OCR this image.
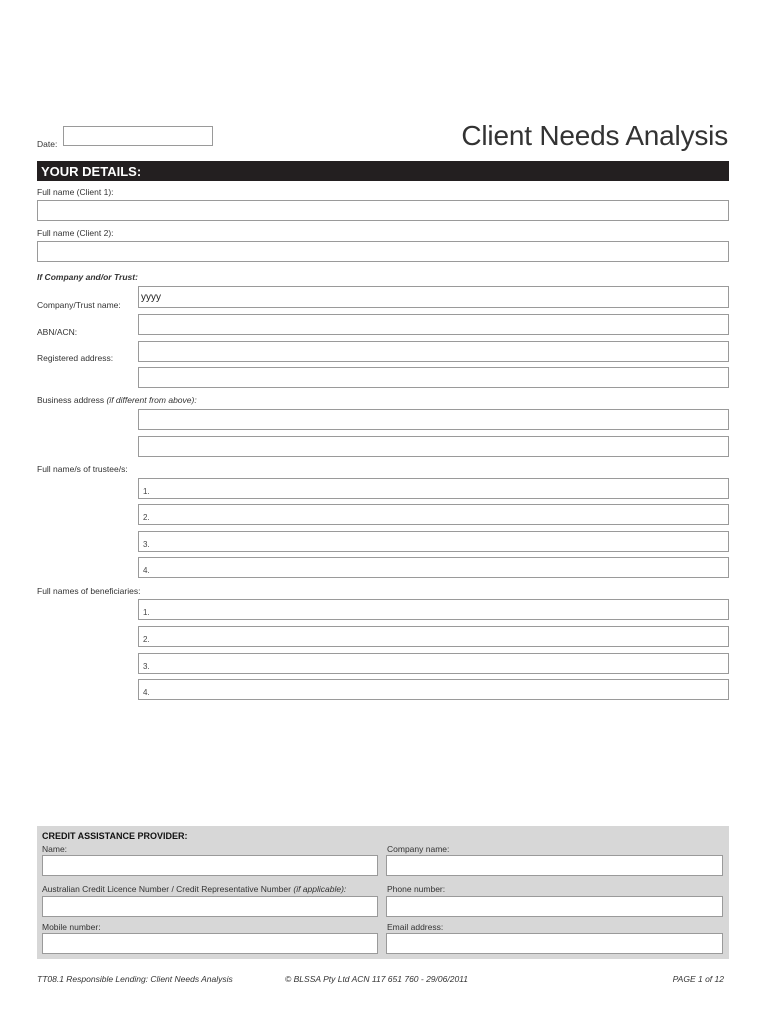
Date:	Client Needs Analysis
YOUR DETAILS:
Full name (Client 1):
Full name (Client 2):
If Company and/or Trust:
Company/Trust name:
yyyy
ABN/ACN:
Registered address:
Business address (if different from above):
Full name/s of trustee/s:
1.
2.
3.
4.
Full names of beneficiaries:
1.
2.
3.
4.
CREDIT ASSISTANCE PROVIDER:
Name:	Company name:
Australian Credit Licence Number / Credit Representative Number (if applicable):	Phone number:
Mobile number:	Email address:
TT08.1 Responsible Lending: Client Needs Analysis	© BLSSA Pty Ltd ACN 117 651 760 - 29/06/2011	PAGE 1 of 12
